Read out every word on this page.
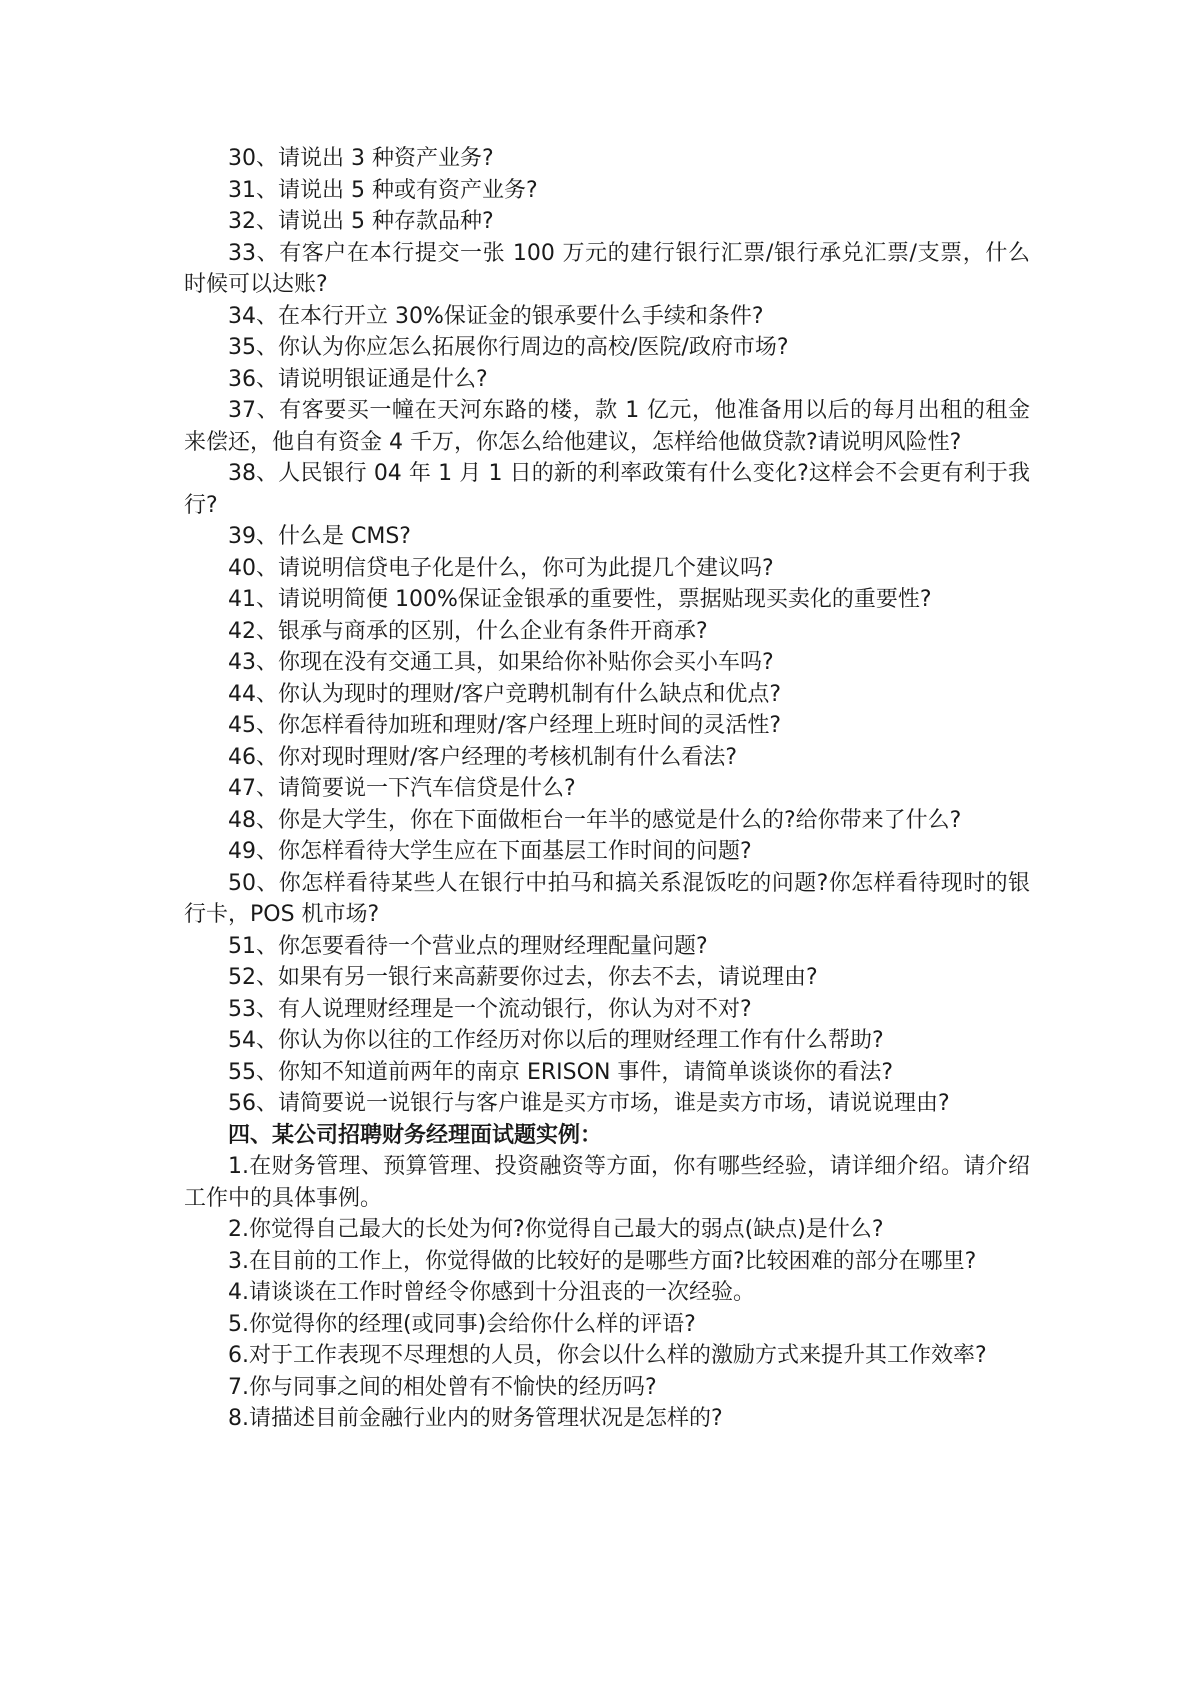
30、请说出 3 种资产业务?

31、请说出 5 种或有资产业务?

32、请说出 5 种存款品种?

33、有客户在本行提交一张 100 万元的建行银行汇票/银行承兑汇票/支票，什么时候可以达账?

34、在本行开立 30%保证金的银承要什么手续和条件?

35、你认为你应怎么拓展你行周边的高校/医院/政府市场?

36、请说明银证通是什么?

37、有客要买一幢在天河东路的楼，款 1 亿元，他准备用以后的每月出租的租金来偿还，他自有资金 4 千万，你怎么给他建议，怎样给他做贷款?请说明风险性?

38、人民银行 04 年 1 月 1 日的新的利率政策有什么变化?这样会不会更有利于我行?

39、什么是 CMS?

40、请说明信贷电子化是什么，你可为此提几个建议吗?

41、请说明简便 100%保证金银承的重要性，票据贴现买卖化的重要性?

42、银承与商承的区别，什么企业有条件开商承?

43、你现在没有交通工具，如果给你补贴你会买小车吗?

44、你认为现时的理财/客户竞聘机制有什么缺点和优点?

45、你怎样看待加班和理财/客户经理上班时间的灵活性?

46、你对现时理财/客户经理的考核机制有什么看法?

47、请简要说一下汽车信贷是什么?

48、你是大学生，你在下面做柜台一年半的感觉是什么的?给你带来了什么?

49、你怎样看待大学生应在下面基层工作时间的问题?

50、你怎样看待某些人在银行中拍马和搞关系混饭吃的问题?你怎样看待现时的银行卡，POS 机市场?

51、你怎要看待一个营业点的理财经理配量问题?

52、如果有另一银行来高薪要你过去，你去不去，请说理由?

53、有人说理财经理是一个流动银行，你认为对不对?

54、你认为你以往的工作经历对你以后的理财经理工作有什么帮助?

55、你知不知道前两年的南京 ERISON 事件，请简单谈谈你的看法?

56、请简要说一说银行与客户谁是买方市场，谁是卖方市场，请说说理由?

四、某公司招聘财务经理面试题实例：

1.在财务管理、预算管理、投资融资等方面，你有哪些经验，请详细介绍。请介绍工作中的具体事例。

2.你觉得自己最大的长处为何?你觉得自己最大的弱点(缺点)是什么?

3.在目前的工作上，你觉得做的比较好的是哪些方面?比较困难的部分在哪里?

4.请谈谈在工作时曾经令你感到十分沮丧的一次经验。

5.你觉得你的经理(或同事)会给你什么样的评语?

6.对于工作表现不尽理想的人员，你会以什么样的激励方式来提升其工作效率?

7.你与同事之间的相处曾有不愉快的经历吗?

8.请描述目前金融行业内的财务管理状况是怎样的?
